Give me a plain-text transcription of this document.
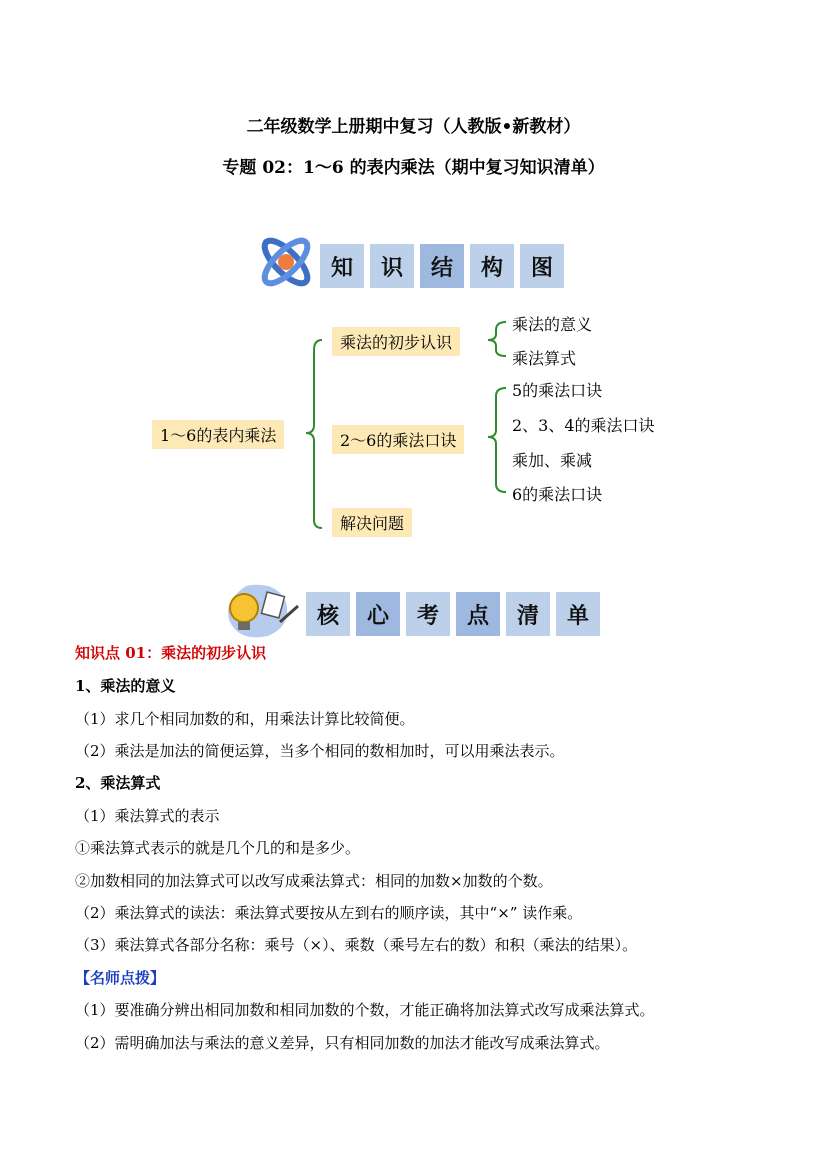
二年级数学上册期中复习（人教版•新教材）
专题 02：1～6 的表内乘法（期中复习知识清单）
知	识	结	构	图
1～6的表内乘法
乘法的初步认识
2～6的乘法口诀
解决问题
乘法的意义
乘法算式
5的乘法口诀
2、3、4的乘法口诀
乘加、乘减
6的乘法口诀
核	心	考	点	清	单
知识点 01：乘法的初步认识
1、乘法的意义
（1）求几个相同加数的和，用乘法计算比较简便。
（2）乘法是加法的简便运算，当多个相同的数相加时，可以用乘法表示。
2、乘法算式
（1）乘法算式的表示
①乘法算式表示的就是几个几的和是多少。
②加数相同的加法算式可以改写成乘法算式：相同的加数×加数的个数。
（2）乘法算式的读法：乘法算式要按从左到右的顺序读，其中“×” 读作乘。
（3）乘法算式各部分名称：乘号（×）、乘数（乘号左右的数）和积（乘法的结果）。
【名师点拨】
（1）要准确分辨出相同加数和相同加数的个数，才能正确将加法算式改写成乘法算式。
（2）需明确加法与乘法的意义差异，只有相同加数的加法才能改写成乘法算式。
